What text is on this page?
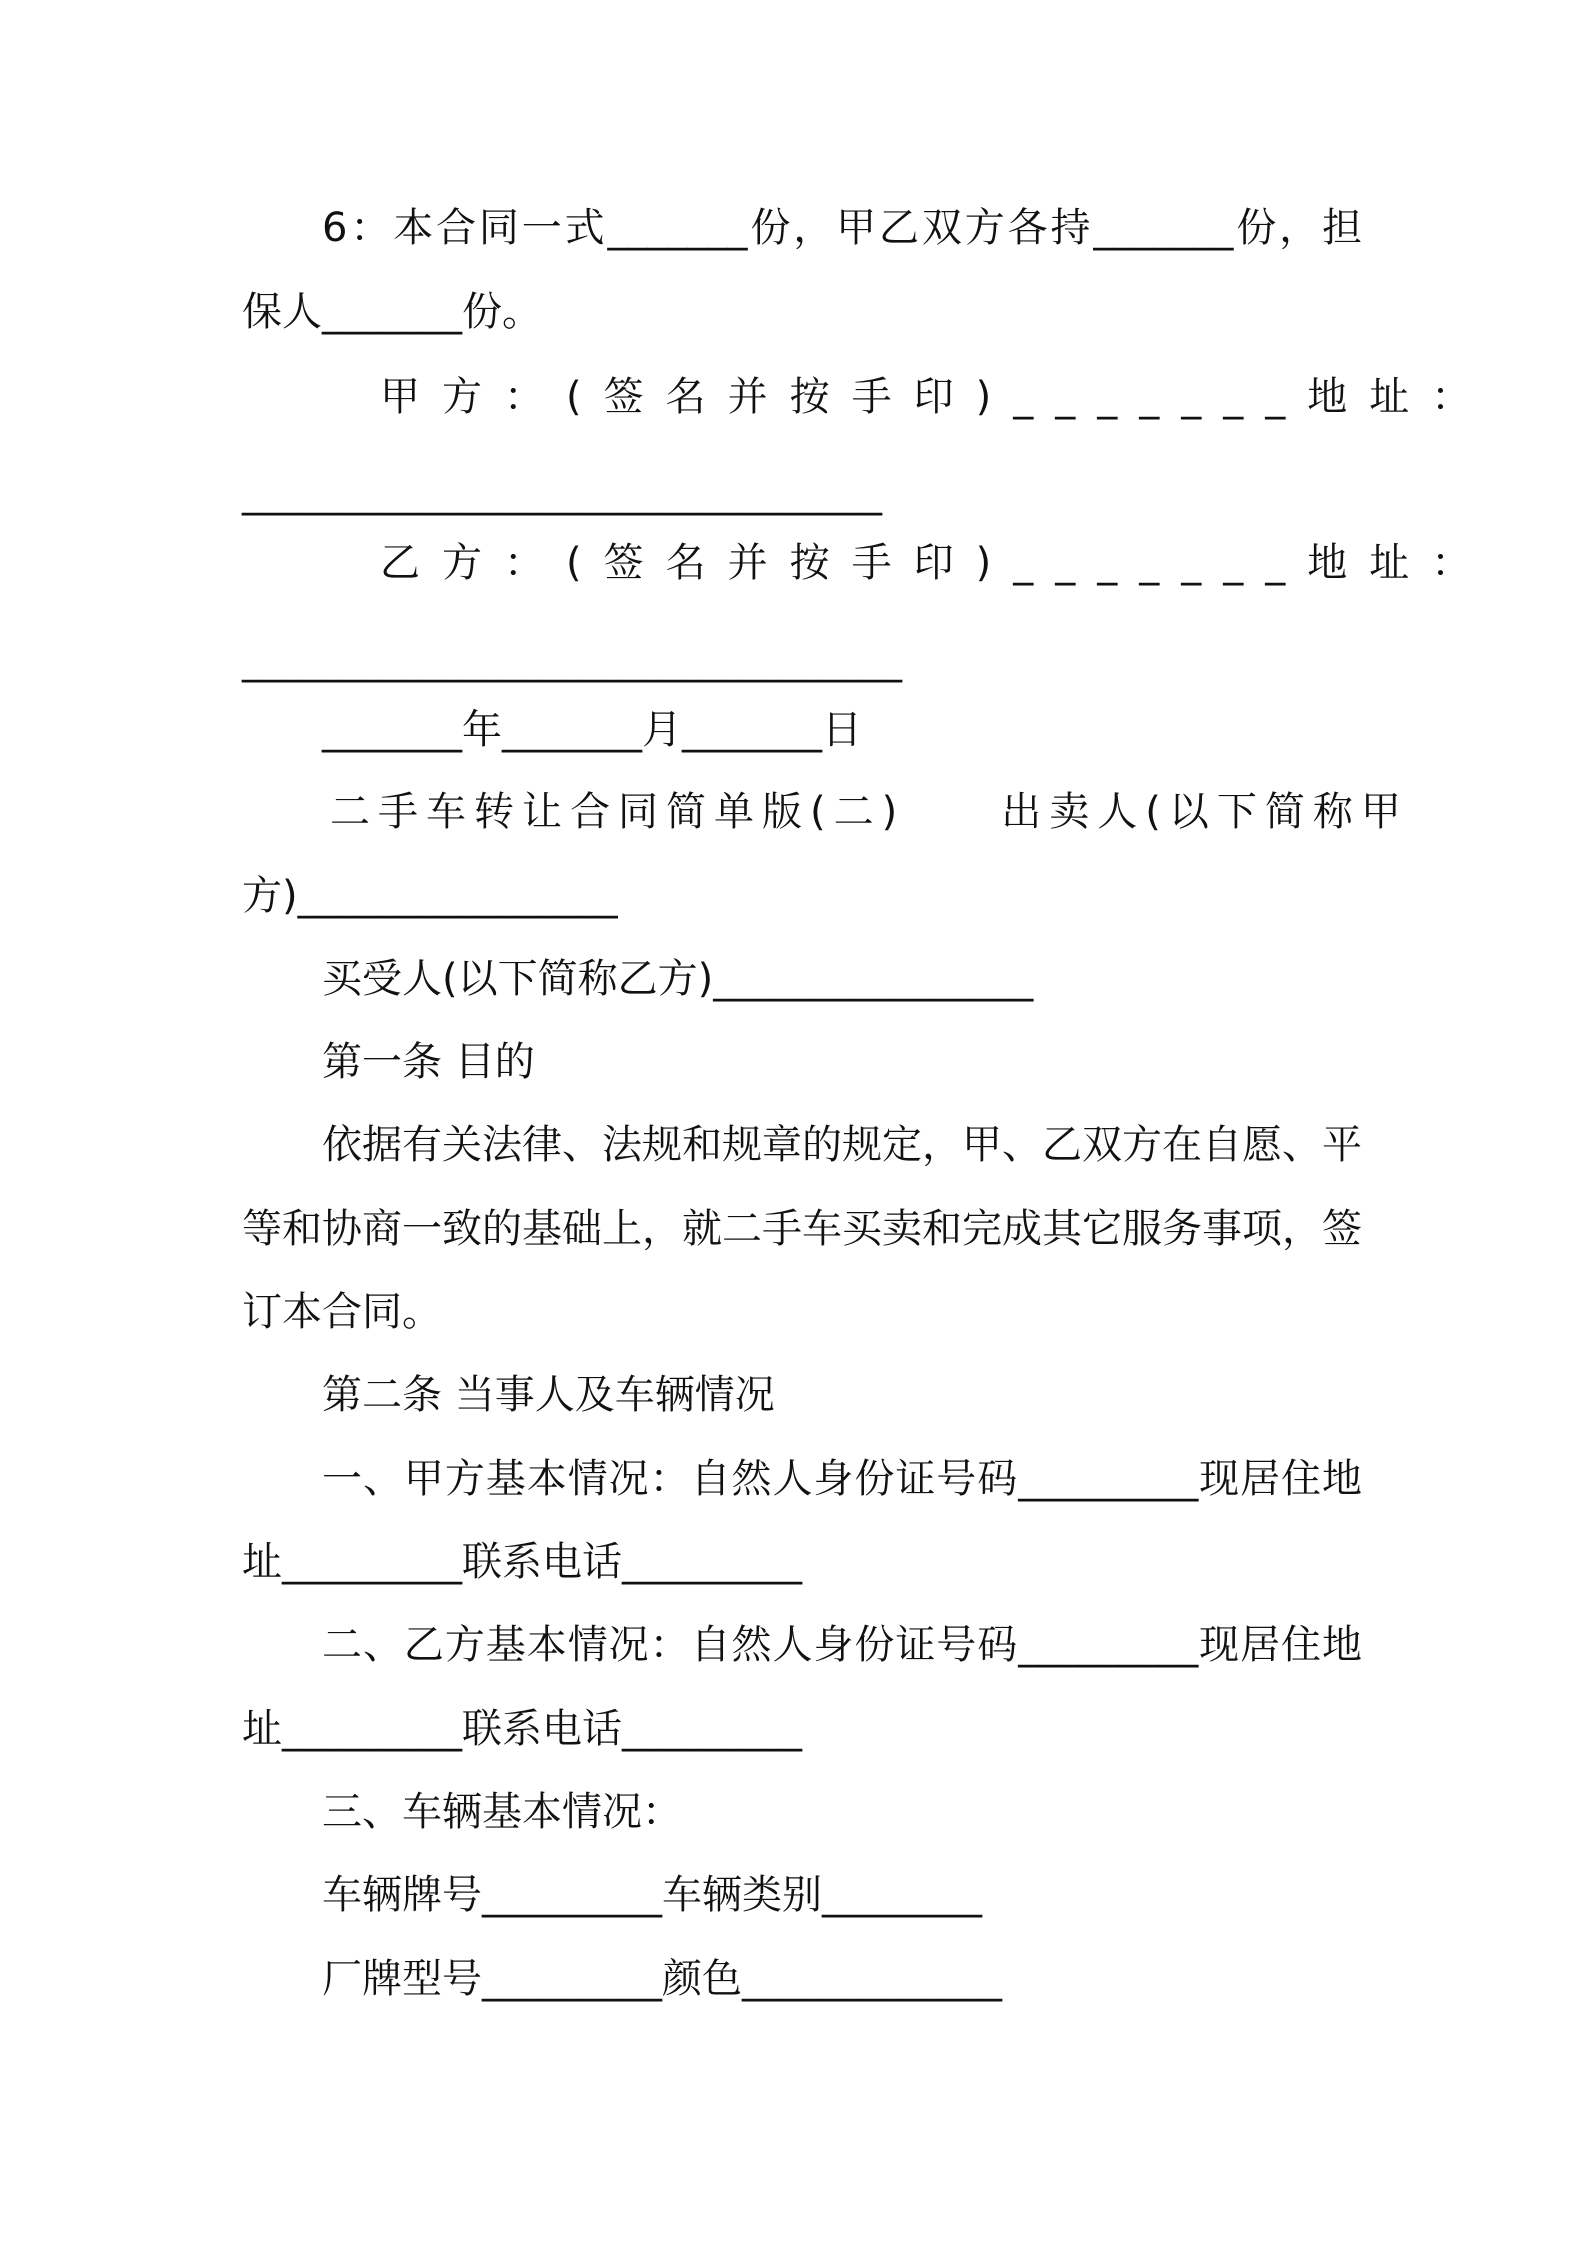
6：本合同一式_______份，甲乙双方各持_______份，担
保人_______份。
甲方：(签名并按手印)_______地址：
________________________________
乙方：(签名并按手印)_______地址：
_________________________________
_______年_______月_______日
二手车转让合同简单版(二)　　出卖人(以下简称甲
方)________________
买受人(以下简称乙方)________________
第一条 目的
依据有关法律、法规和规章的规定，甲、乙双方在自愿、平
等和协商一致的基础上，就二手车买卖和完成其它服务事项，签
订本合同。
第二条 当事人及车辆情况
一、甲方基本情况：自然人身份证号码_________现居住地
址_________联系电话_________
二、乙方基本情况：自然人身份证号码_________现居住地
址_________联系电话_________
三、车辆基本情况：
车辆牌号_________车辆类别________
厂牌型号_________颜色_____________
